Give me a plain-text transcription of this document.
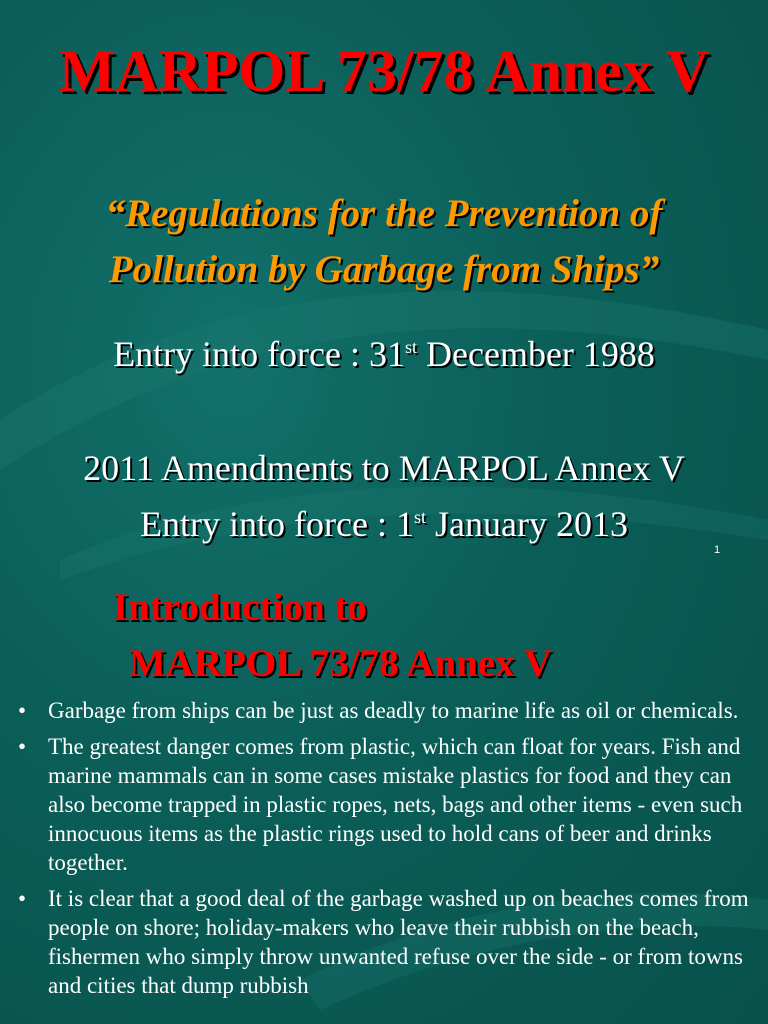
MARPOL 73/78 Annex V
“Regulations for the Prevention of
Pollution by Garbage from Ships”
Entry into force : 31st December 1988
2011 Amendments to MARPOL Annex V
Entry into force : 1st January 2013
1
Introduction to
MARPOL 73/78 Annex V
• Garbage from ships can be just as deadly to marine life as oil or chemicals.
• The greatest danger comes from plastic, which can float for years. Fish and marine mammals can in some cases mistake plastics for food and they can also become trapped in plastic ropes, nets, bags and other items - even such innocuous items as the plastic rings used to hold cans of beer and drinks together.
• It is clear that a good deal of the garbage washed up on beaches comes from people on shore; holiday-makers who leave their rubbish on the beach, fishermen who simply throw unwanted refuse over the side - or from towns and cities that dump rubbish
